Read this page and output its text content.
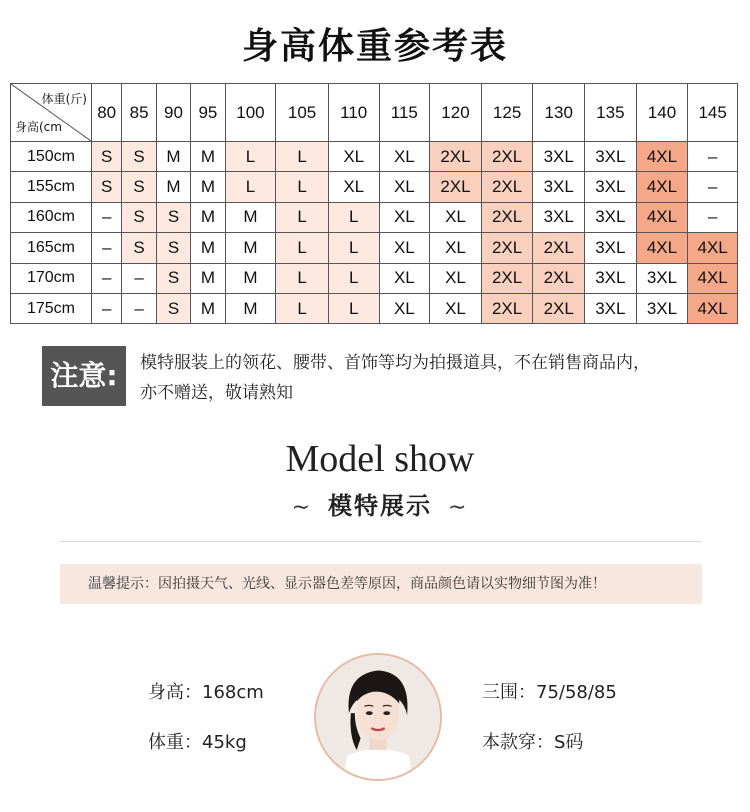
身高体重参考表
体重(斤)
身高(cm	80	85	90	95	100	105	110	115	120	125	130	135	140	145
150cm	S	S	M	M	L	L	XL	XL	2XL	2XL	3XL	3XL	4XL	–
155cm	S	S	M	M	L	L	XL	XL	2XL	2XL	3XL	3XL	4XL	–
160cm	–	S	S	M	M	L	L	XL	XL	2XL	3XL	3XL	4XL	–
165cm	–	S	S	M	M	L	L	XL	XL	2XL	2XL	3XL	4XL	4XL
170cm	–	–	S	M	M	L	L	XL	XL	2XL	2XL	3XL	3XL	4XL
175cm	–	–	S	M	M	L	L	XL	XL	2XL	2XL	3XL	3XL	4XL
注意:	模特服装上的领花、腰带、首饰等均为拍摄道具，不在销售商品内，
亦不赠送，敬请熟知
Model show
∼ 模特展示 ∼
温馨提示：因拍摄天气、光线、显示器色差等原因，商品颜色请以实物细节图为准！
身高：168cm
体重：45kg
三围：75/58/85
本款穿：S码
